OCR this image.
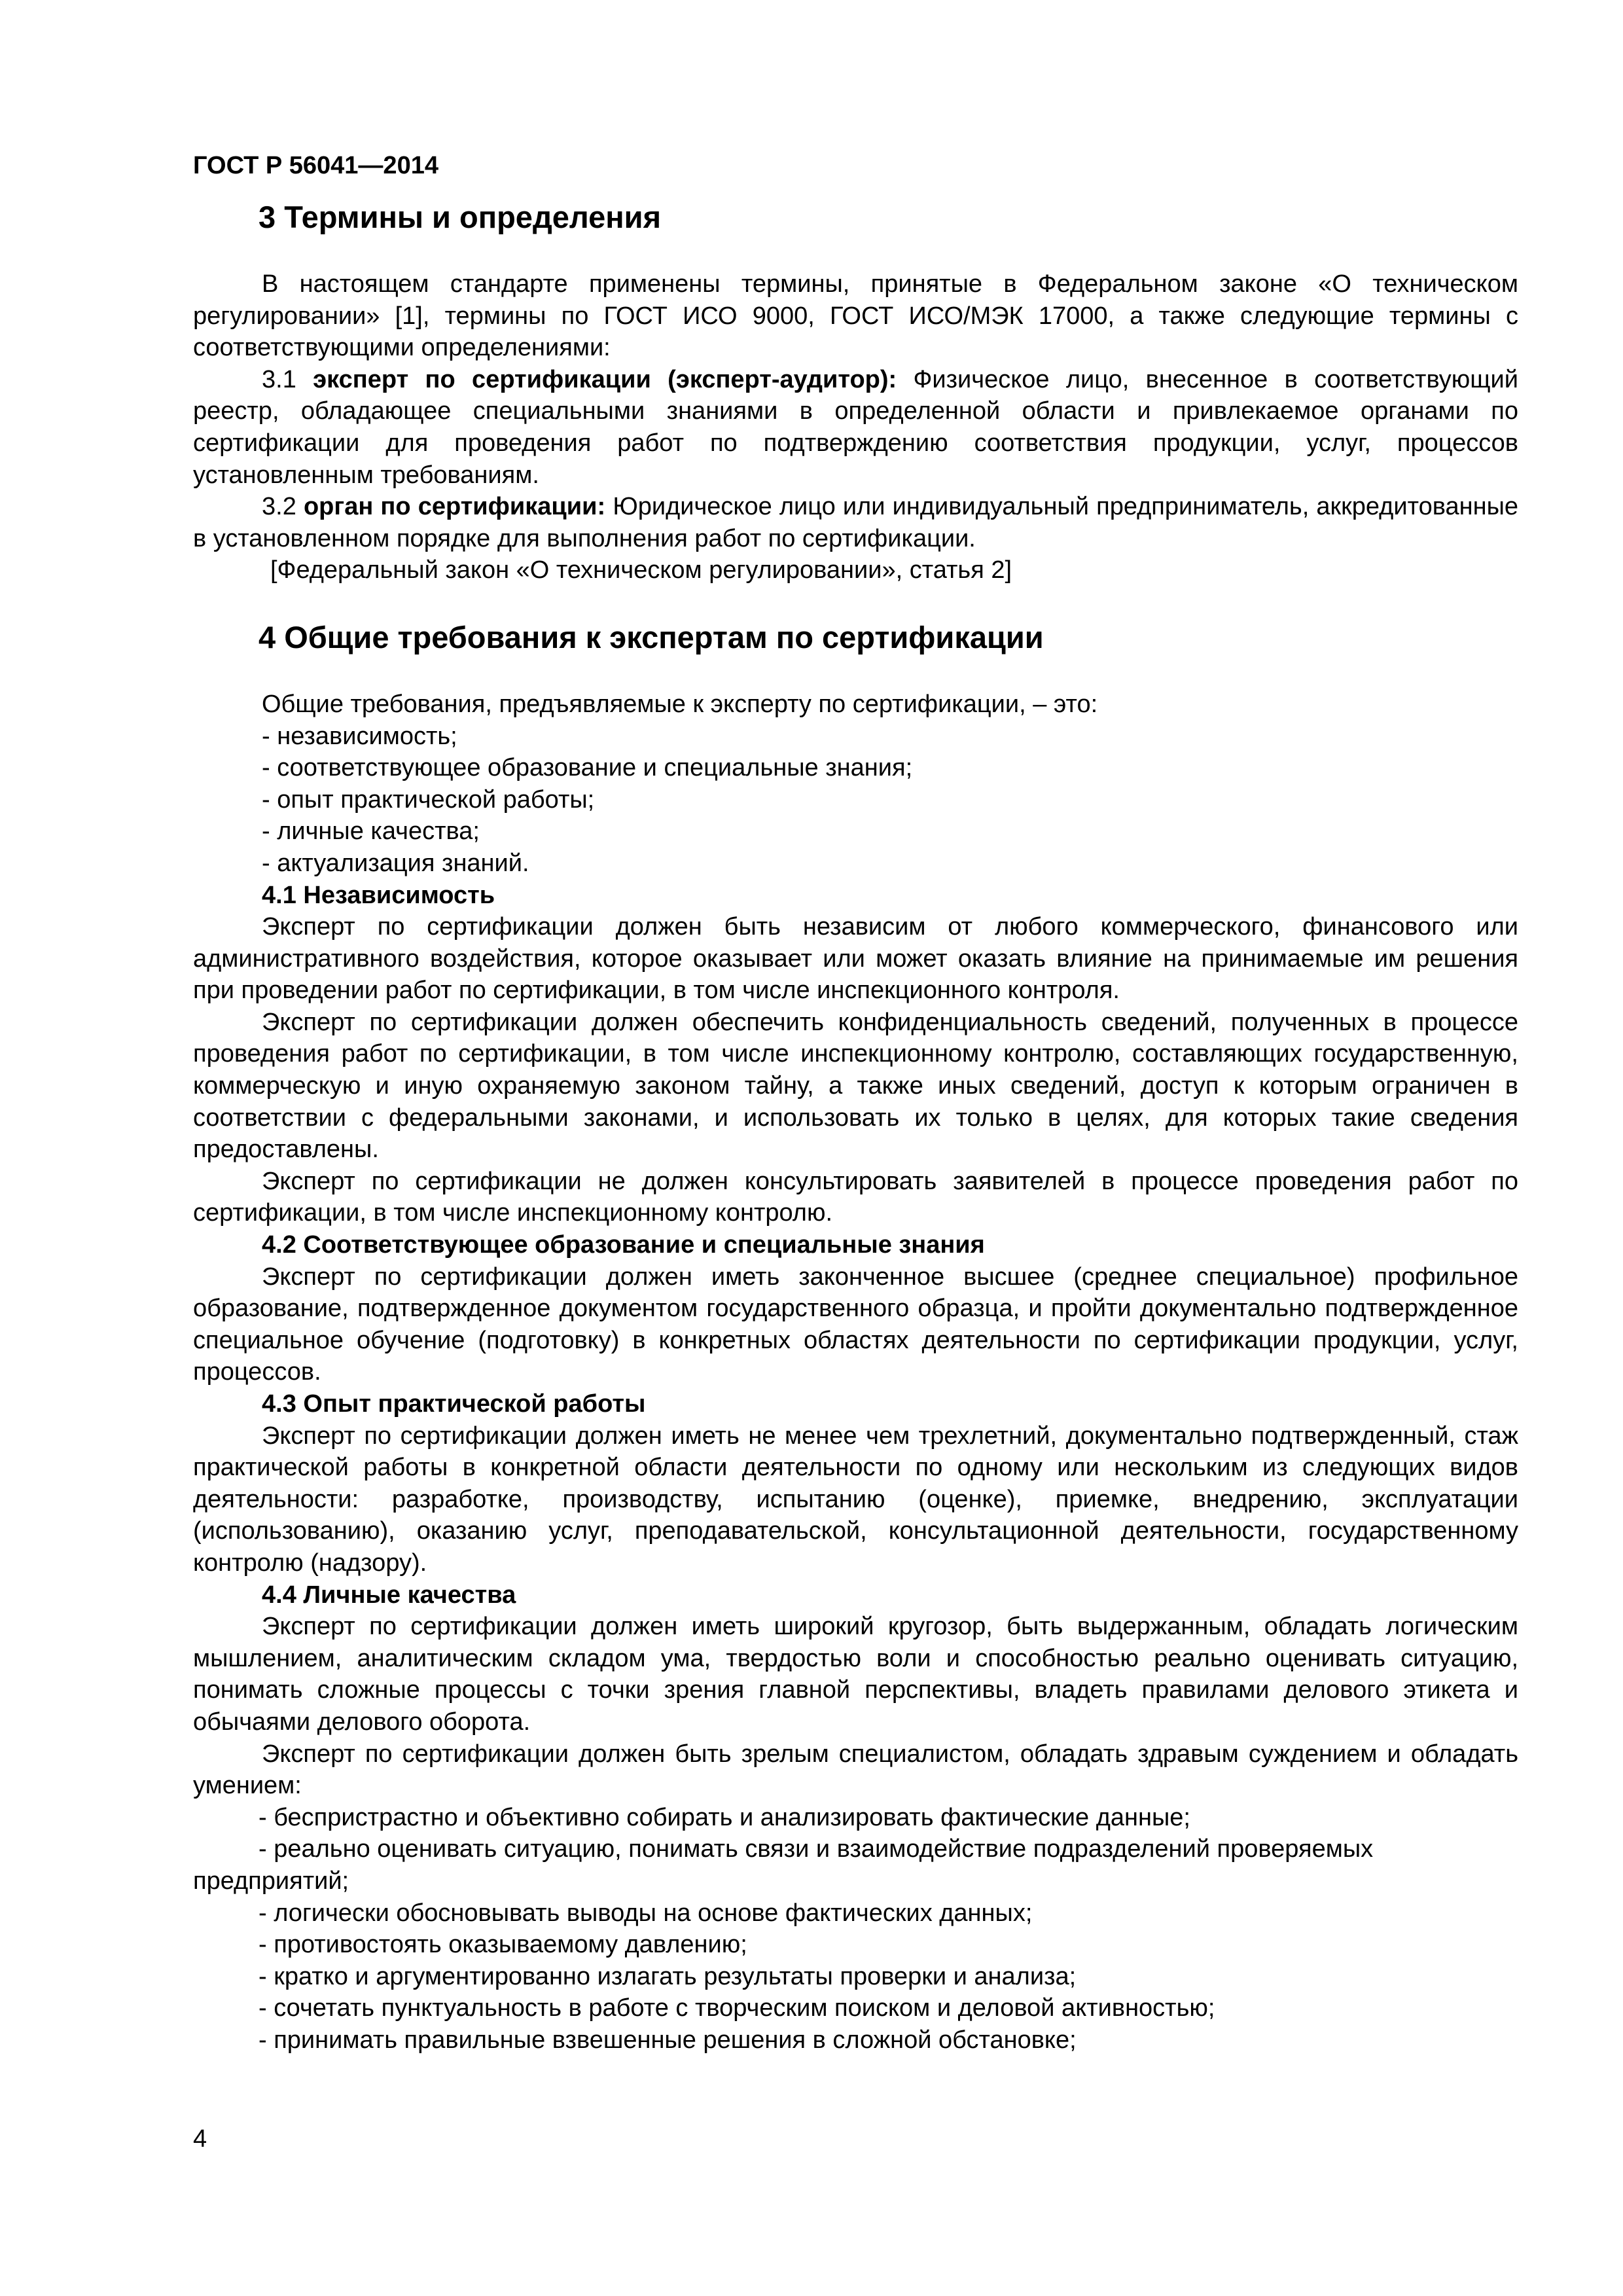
ГОСТ Р 56041—2014
3 Термины и определения

В настоящем стандарте применены термины, принятые в Федеральном законе «О техническом регулировании» [1], термины по ГОСТ ИСО 9000, ГОСТ ИСО/МЭК 17000, а также следующие термины с соответствующими определениями:

3.1 эксперт по сертификации (эксперт-аудитор): Физическое лицо, внесенное в соответствующий реестр, обладающее специальными знаниями в определенной области и привлекаемое органами по сертификации для проведения работ по подтверждению соответствия продукции, услуг, процессов установленным требованиям.

3.2 орган по сертификации: Юридическое лицо или индивидуальный предприниматель, аккредитованные в установленном порядке для выполнения работ по сертификации.

[Федеральный закон «О техническом регулировании», статья 2]

4 Общие требования к экспертам по сертификации

Общие требования, предъявляемые к эксперту по сертификации, – это:

- независимость;

- соответствующее образование и специальные знания;

- опыт практической работы;

- личные качества;

- актуализация знаний.

4.1 Независимость

Эксперт по сертификации должен быть независим от любого коммерческого, финансового или административного воздействия, которое оказывает или может оказать влияние на принимаемые им решения при проведении работ по сертификации, в том числе инспекционного контроля.

Эксперт по сертификации должен обеспечить конфиденциальность сведений, полученных в процессе проведения работ по сертификации, в том числе инспекционному контролю, составляющих государственную, коммерческую и иную охраняемую законом тайну, а также иных сведений, доступ к которым ограничен в соответствии с федеральными законами, и использовать их только в целях, для которых такие сведения предоставлены.

Эксперт по сертификации не должен консультировать заявителей в процессе проведения работ по сертификации, в том числе инспекционному контролю.

4.2 Соответствующее образование и специальные знания

Эксперт по сертификации должен иметь законченное высшее (среднее специальное) профильное образование, подтвержденное документом государственного образца, и пройти документально подтвержденное специальное обучение (подготовку) в конкретных областях деятельности по сертификации продукции, услуг, процессов.

4.3 Опыт практической работы

Эксперт по сертификации должен иметь не менее чем трехлетний, документально подтвержденный, стаж практической работы в конкретной области деятельности по одному или нескольким из следующих видов деятельности: разработке, производству, испытанию (оценке), приемке, внедрению, эксплуатации (использованию), оказанию услуг, преподавательской, консультационной деятельности, государственному контролю (надзору).

4.4 Личные качества

Эксперт по сертификации должен иметь широкий кругозор, быть выдержанным, обладать логическим мышлением, аналитическим складом ума, твердостью воли и способностью реально оценивать ситуацию, понимать сложные процессы с точки зрения главной перспективы, владеть правилами делового этикета и обычаями делового оборота.

Эксперт по сертификации должен быть зрелым специалистом, обладать здравым суждением и обладать умением:

- беспристрастно и объективно собирать и анализировать фактические данные;

- реально оценивать ситуацию, понимать связи и взаимодействие подразделений проверяемых предприятий;

- логически обосновывать выводы на основе фактических данных;

- противостоять оказываемому давлению;

- кратко и аргументированно излагать результаты проверки и анализа;

- сочетать пунктуальность в работе с творческим поиском и деловой активностью;

- принимать правильные взвешенные решения в сложной обстановке;

4
